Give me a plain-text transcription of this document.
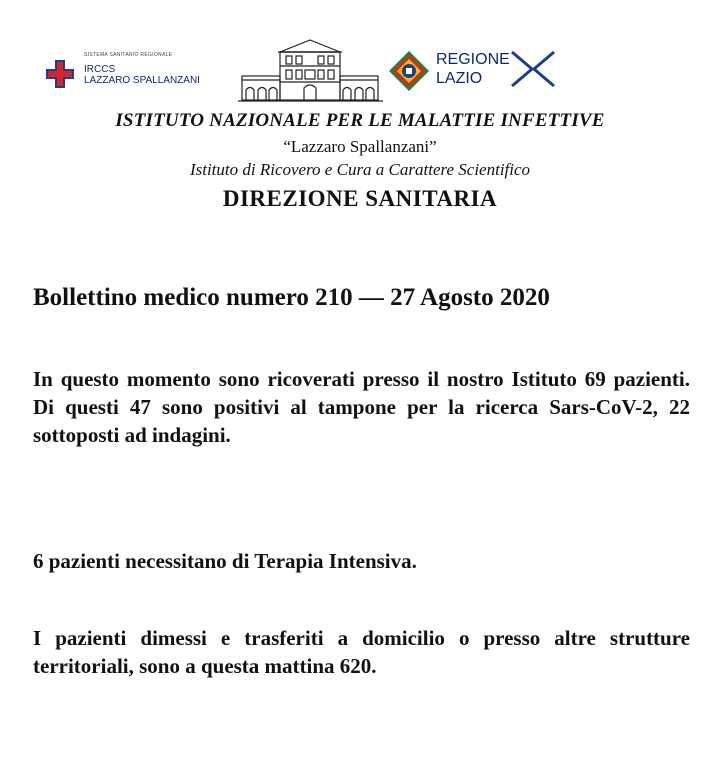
SISTEMA SANITARIO REGIONALE
IRCCS
LAZZARO SPALLANZANI
REGIONE
LAZIO
ISTITUTO NAZIONALE PER LE MALATTIE INFETTIVE
“Lazzaro Spallanzani”
Istituto di Ricovero e Cura a Carattere Scientifico
DIREZIONE SANITARIA
Bollettino medico numero 210 — 27 Agosto 2020
In questo momento sono ricoverati presso il nostro Istituto 69 pazienti. Di questi 47 sono positivi al tampone per la ricerca Sars-CoV-2, 22 sottoposti ad indagini.
6 pazienti necessitano di Terapia Intensiva.
I pazienti dimessi e trasferiti a domicilio o presso altre strutture territoriali, sono a questa mattina 620.
